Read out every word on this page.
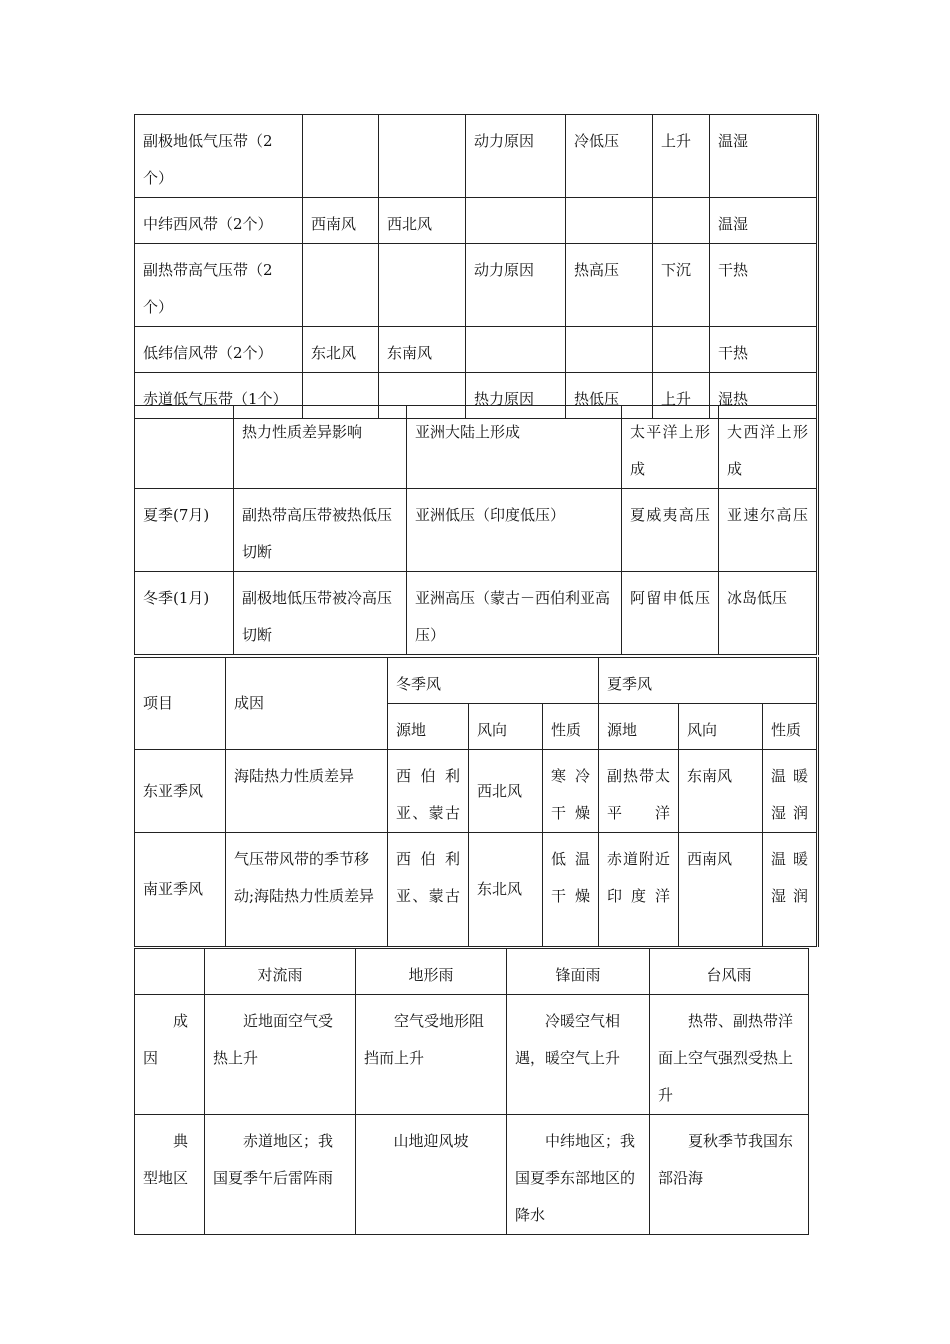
副极地低气压带（2个）			动力原因	冷低压	上升	温湿
中纬西风带（2个）	西南风	西北风				温湿
副热带高气压带（2个）			动力原因	热高压	下沉	干热
低纬信风带（2个）	东北风	东南风				干热
赤道低气压带（1个）			热力原因	热低压	上升	湿热
	热力性质差异影响	亚洲大陆上形成	太平洋上形成	大西洋上形成
夏季(7月)	副热带高压带被热低压切断	亚洲低压（印度低压）	夏威夷高压	亚速尔高压
冬季(1月)	副极地低压带被冷高压切断	亚洲高压（蒙古－西伯利亚高压）	阿留申低压	冰岛低压
项目	成因	冬季风			夏季风		
		源地	风向	性质	源地	风向	性质
东亚季风	海陆热力性质差异	西伯利亚、蒙古	西北风	寒冷干燥	副热带太平洋	东南风	温暖湿润
南亚季风	气压带风带的季节移动;海陆热力性质差异	西伯利亚、蒙古	东北风	低温干燥	赤道附近印度洋	西南风	温暖湿润
	对流雨	地形雨	锋面雨	台风雨
成因	近地面空气受热上升	空气受地形阻挡而上升	冷暖空气相遇，暖空气上升	热带、副热带洋面上空气强烈受热上升
典型地区	赤道地区；我国夏季午后雷阵雨	山地迎风坡	中纬地区；我国夏季东部地区的降水	夏秋季节我国东部沿海
